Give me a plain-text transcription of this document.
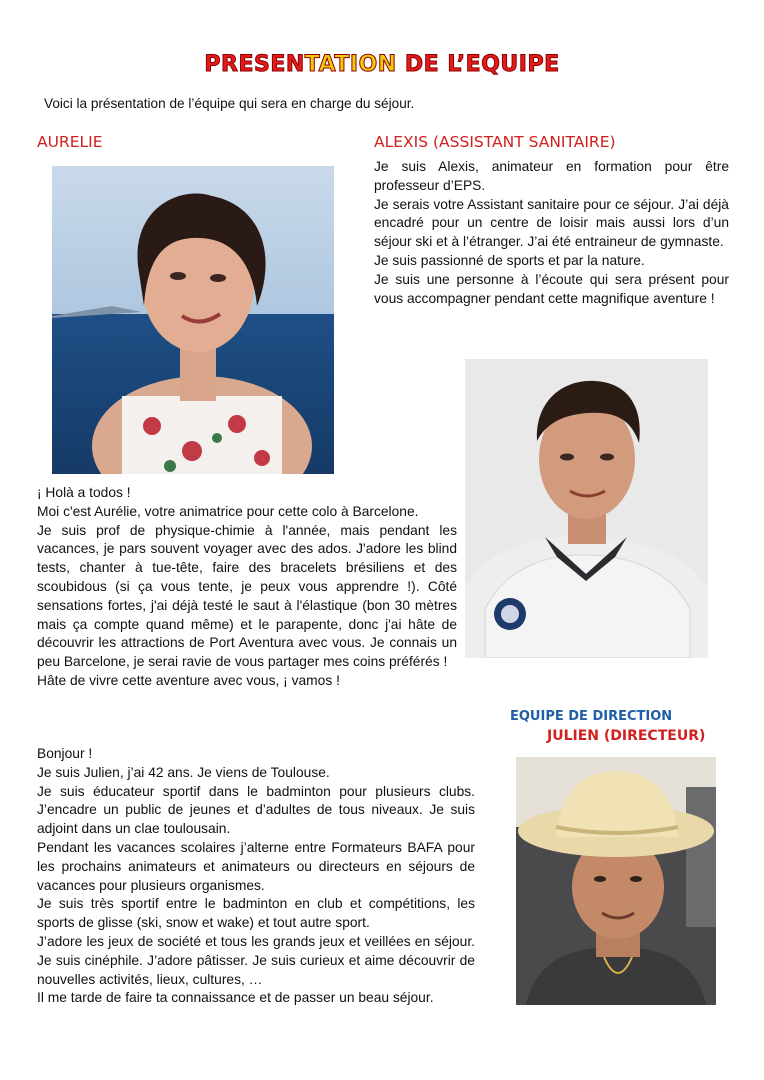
PRESENTATION DE L’EQUIPE
Voici la présentation de l’équipe qui sera en charge du séjour.
AURELIE

¡ Holà a todos !

Moi c'est Aurélie, votre animatrice pour cette colo à Barcelone.

Je suis prof de physique-chimie à l'année, mais pendant les vacances, je pars souvent voyager avec des ados. J'adore les blind tests, chanter à tue-tête, faire des bracelets brésiliens et des scoubidous (si ça vous tente, je peux vous apprendre !). Côté sensations fortes, j'ai déjà testé le saut à l'élastique (bon 30 mètres mais ça compte quand même) et le parapente, donc j'ai hâte de découvrir les attractions de Port Aventura avec vous. Je connais un peu Barcelone, je serai ravie de vous partager mes coins préférés !

Hâte de vivre cette aventure avec vous, ¡ vamos !

ALEXIS (ASSISTANT SANITAIRE)

Je suis Alexis, animateur en formation pour être professeur d’EPS.

Je serais votre Assistant sanitaire pour ce séjour. J’ai déjà encadré pour un centre de loisir mais aussi lors d’un séjour ski et à l’étranger. J’ai été entraineur de gymnaste.

Je suis passionné de sports et par la nature.

Je suis une personne à l’écoute qui sera présent pour vous accompagner pendant cette magnifique aventure !

EQUIPE DE DIRECTION
JULIEN (DIRECTEUR)

Bonjour !

Je suis Julien, j’ai 42 ans. Je viens de Toulouse.

Je suis éducateur sportif dans le badminton pour plusieurs clubs. J’encadre un public de jeunes et d’adultes de tous niveaux. Je suis adjoint dans un clae toulousain.

Pendant les vacances scolaires j’alterne entre Formateurs BAFA pour les prochains animateurs et animateurs ou directeurs en séjours de vacances pour plusieurs organismes.

Je suis très sportif entre le badminton en club et compétitions, les sports de glisse (ski, snow et wake) et tout autre sport.

J’adore les jeux de société et tous les grands jeux et veillées en séjour. Je suis cinéphile. J’adore pâtisser. Je suis curieux et aime découvrir de nouvelles activités, lieux, cultures, …

Il me tarde de faire ta connaissance et de passer un beau séjour.
